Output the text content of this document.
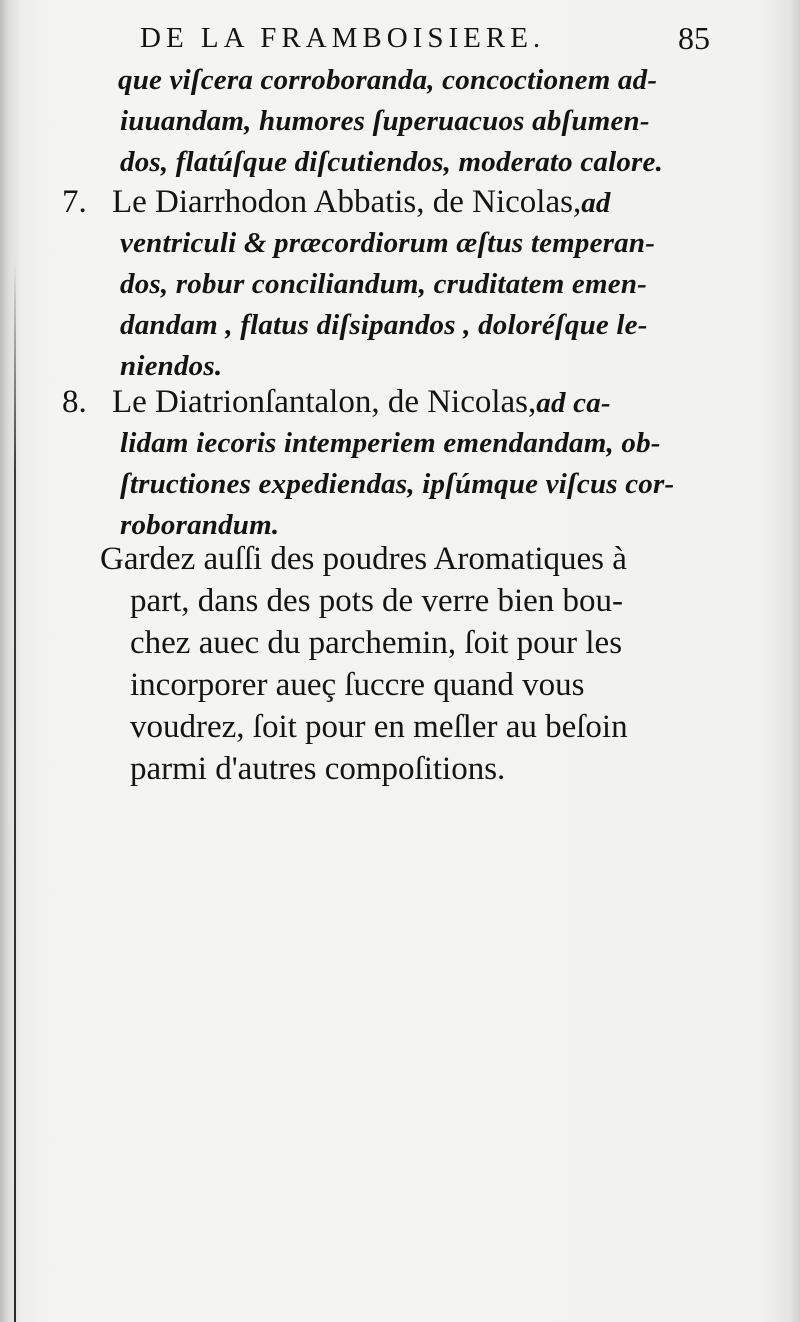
DE LA FRAMBOISIERE.	85
que viſcera corroboranda, concoctionem ad-
iuuandam, humores ſuperuacuos abſumen-
dos, flatúſque diſcutiendos, moderato calore.
7. Le Diarrhodon Abbatis, de Nicolas,ad
ventriculi & præcordiorum æſtus temperan-
dos, robur conciliandum, cruditatem emen-
dandam , flatus diſsipandos , doloréſque le-
niendos.
8. Le Diatrionſantalon, de Nicolas,ad ca-
lidam iecoris intemperiem emendandam, ob-
ſtructiones expediendas, ipſúmque viſcus cor-
roborandum.
Gardez auſſi des poudres Aromatiques à
part, dans des pots de verre bien bou-
chez auec du parchemin, ſoit pour les
incorporer aueç ſuccre quand vous
voudrez, ſoit pour en meſler au beſoin
parmi d'autres compoſitions.
